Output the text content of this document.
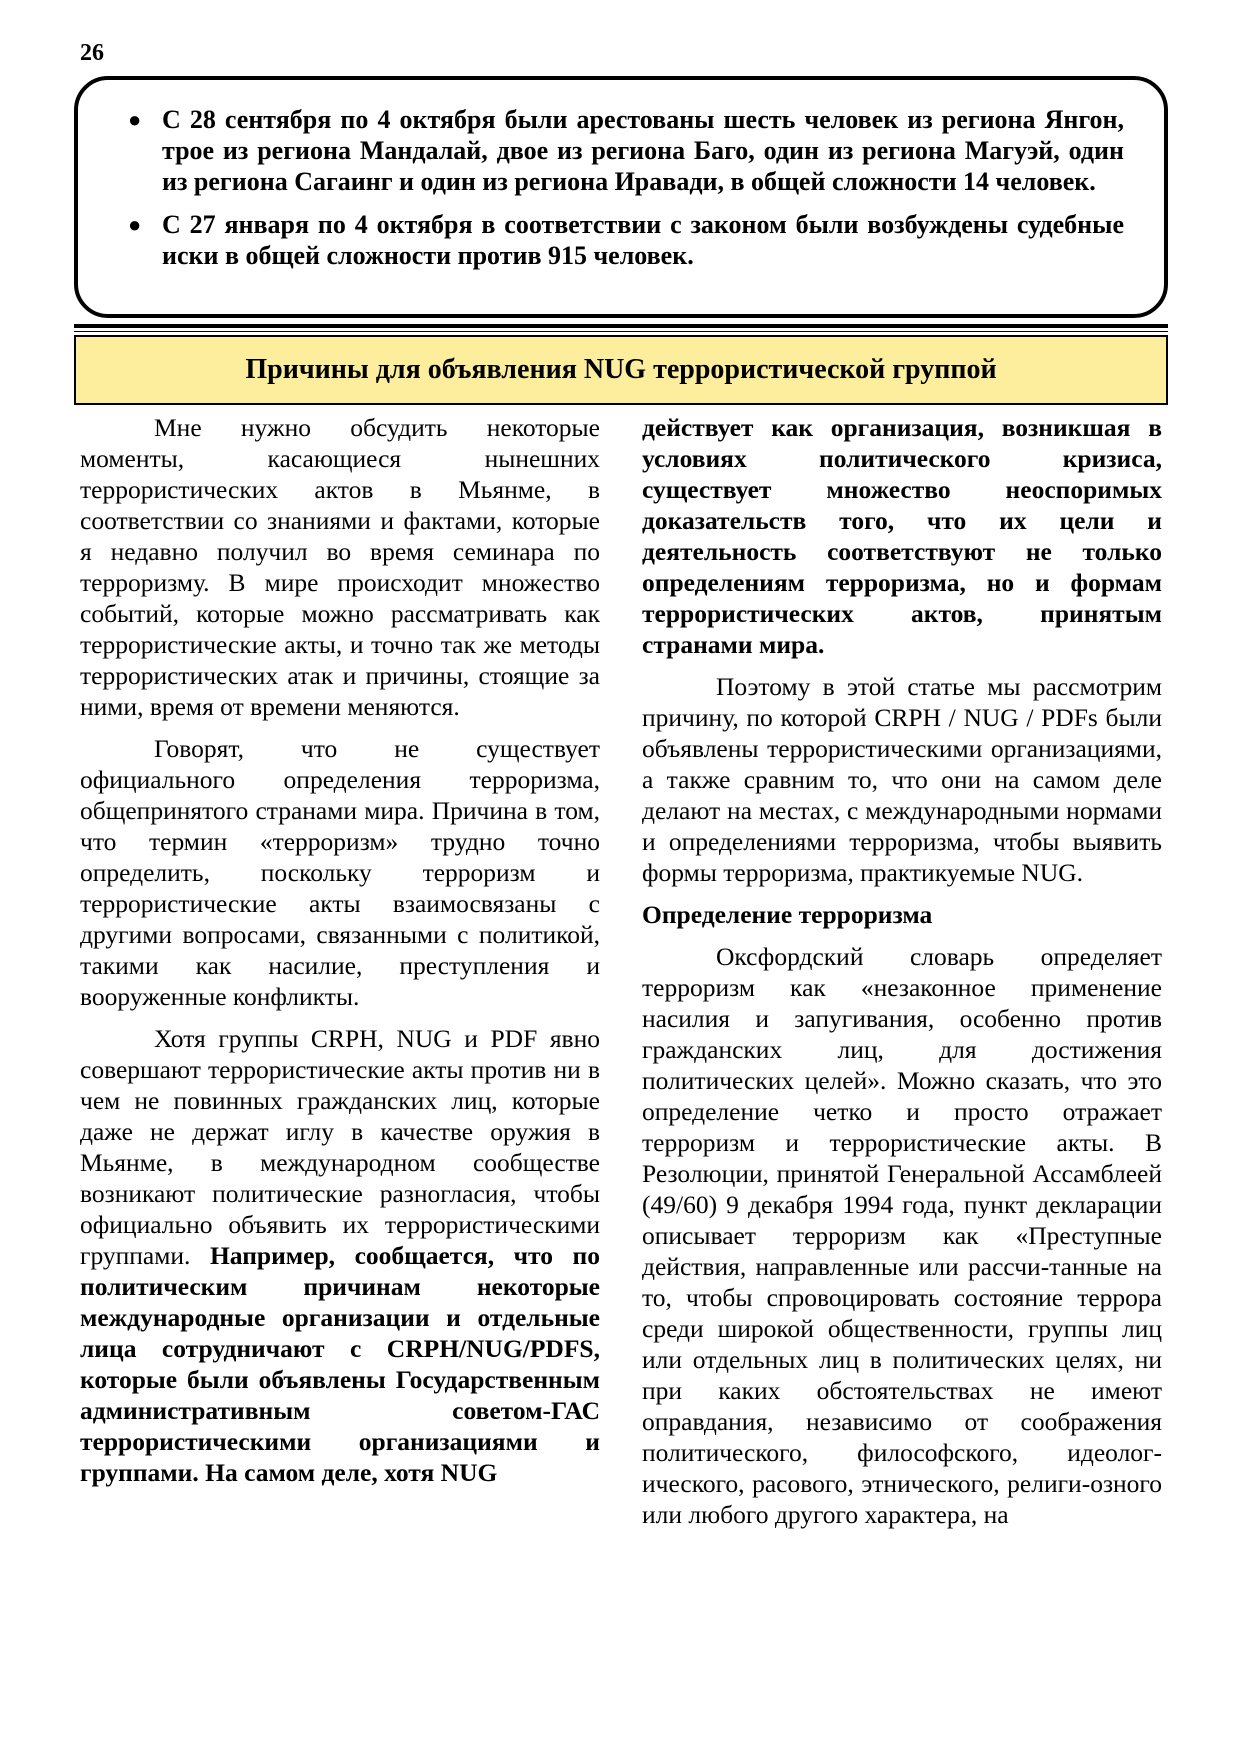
26
● С 28 сентября по 4 октября были арестованы шесть человек из региона Янгон, трое из региона Мандалай, двое из региона Баго, один из региона Магуэй, один из региона Сагаинг и один из региона Иравади, в общей сложности 14 человек.
● С 27 января по 4 октября в соответствии с законом были возбуждены судебные иски в общей сложности против 915 человек.
Причины для объявления NUG террористической группой

Мне нужно обсудить некоторые моменты, касающиеся нынешних террористических актов в Мьянме, в соответствии со знаниями и фактами, которые я недавно получил во время семинара по терроризму. В мире происходит множество событий, которые можно рассматривать как террористические акты, и точно так же методы террористических атак и причины, стоящие за ними, время от времени меняются.

Говорят, что не существует официального определения терроризма, общепринятого странами мира. Причина в том, что термин «терроризм» трудно точно определить, поскольку терроризм и террористические акты взаимосвязаны с другими вопросами, связанными с политикой, такими как насилие, преступления и вооруженные конфликты.

Хотя группы CRPH, NUG и PDF явно совершают террористические акты против ни в чем не повинных гражданских лиц, которые даже не держат иглу в качестве оружия в Мьянме, в международном сообществе возникают политические разногласия, чтобы официально объявить их террористическими группами. Например, сообщается, что по политическим причинам некоторые международные организации и отдельные лица сотрудничают с CRPH/NUG/PDFS, которые были объявлены Государственным административным советом-ГАС террористическими организациями и группами. На самом деле, хотя NUG

действует как организация, возникшая в условиях политического кризиса, существует множество неоспоримых доказательств того, что их цели и деятельность соответствуют не только определениям терроризма, но и формам террористических актов, принятым странами мира.

Поэтому в этой статье мы рассмотрим причину, по которой CRPH / NUG / PDFs были объявлены террористическими организациями, а также сравним то, что они на самом деле делают на местах, с международными нормами и определениями терроризма, чтобы выявить формы терроризма, практикуемые NUG.

Определение терроризма

Оксфордский словарь определяет терроризм как «незаконное применение насилия и запугивания, особенно против гражданских лиц, для достижения политических целей». Можно сказать, что это определение четко и просто отражает терроризм и террористические акты. В Резолюции, принятой Генеральной Ассамблеей (49/60) 9 декабря 1994 года, пункт декларации описывает терроризм как «Преступные действия, направленные или рассчи-танные на то, чтобы спровоцировать состояние террора среди широкой общественности, группы лиц или отдельных лиц в политических целях, ни при каких обстоятельствах не имеют оправдания, независимо от соображения политического, философского, идеолог-ического, расового, этнического, религи-озного или любого другого характера, на
